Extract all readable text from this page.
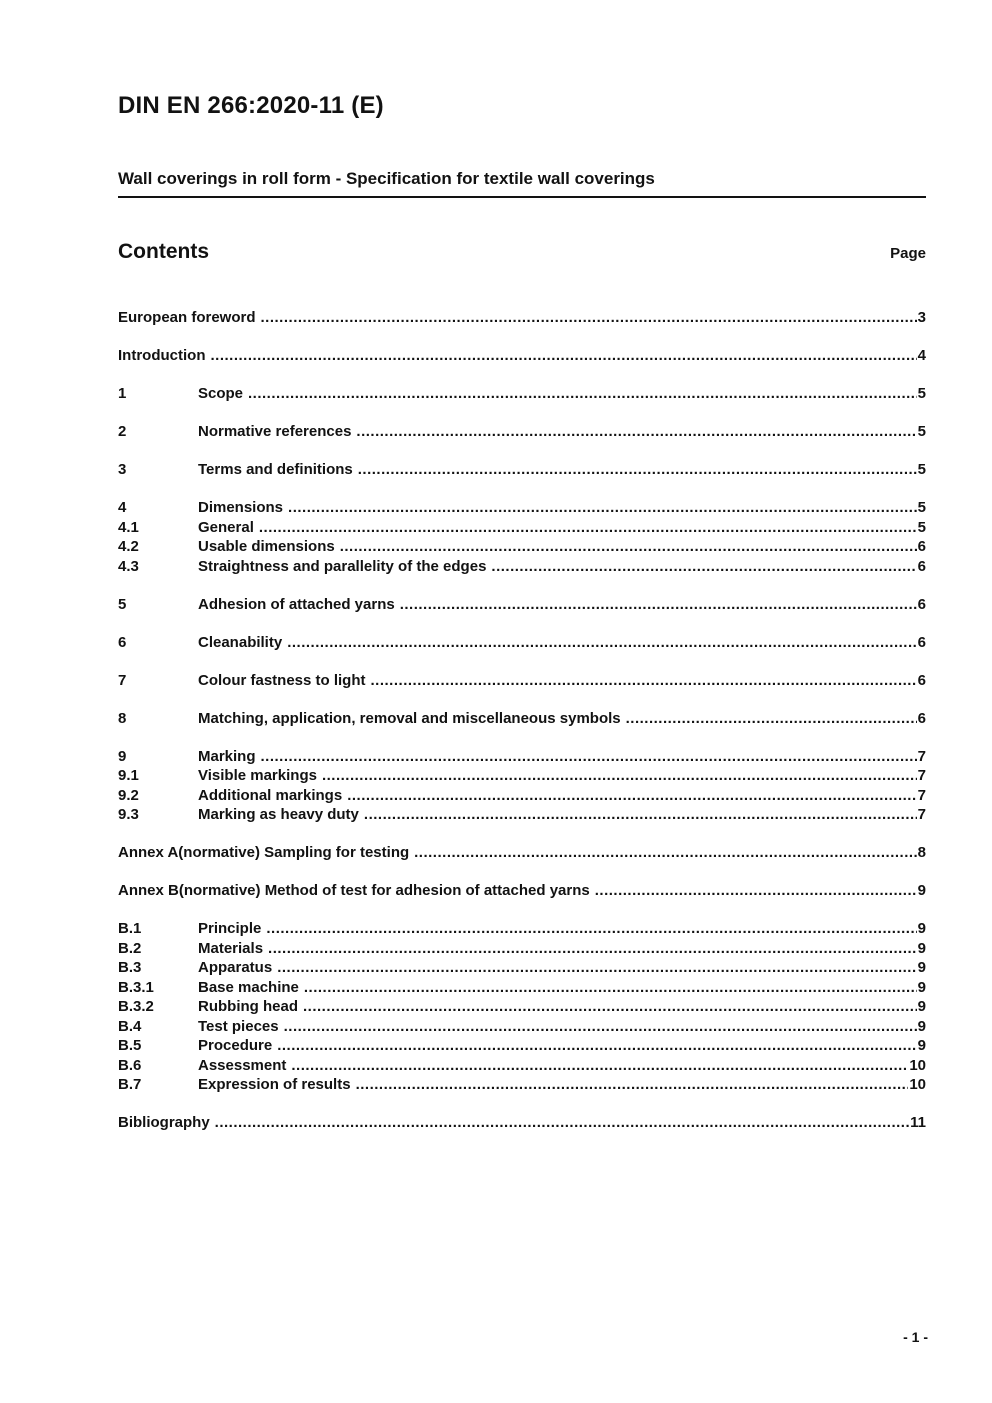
DIN EN 266:2020-11 (E)
Wall coverings in roll form - Specification for textile wall coverings
Contents	Page
European foreword .....	3
Introduction .....	4
1	Scope .....	5
2	Normative references .....	5
3	Terms and definitions .....	5
4	Dimensions .....	5
4.1	General .....	5
4.2	Usable dimensions .....	6
4.3	Straightness and parallelity of the edges .....	6
5	Adhesion of attached yarns .....	6
6	Cleanability .....	6
7	Colour fastness to light .....	6
8	Matching, application, removal and miscellaneous symbols .....	6
9	Marking .....	7
9.1	Visible markings .....	7
9.2	Additional markings .....	7
9.3	Marking as heavy duty .....	7
Annex A(normative) Sampling for testing .....	8
Annex B(normative) Method of test for adhesion of attached yarns .....	9
B.1	Principle .....	9
B.2	Materials .....	9
B.3	Apparatus .....	9
B.3.1	Base machine .....	9
B.3.2	Rubbing head .....	9
B.4	Test pieces .....	9
B.5	Procedure .....	9
B.6	Assessment .....	10
B.7	Expression of results .....	10
Bibliography .....	11
- 1 -
